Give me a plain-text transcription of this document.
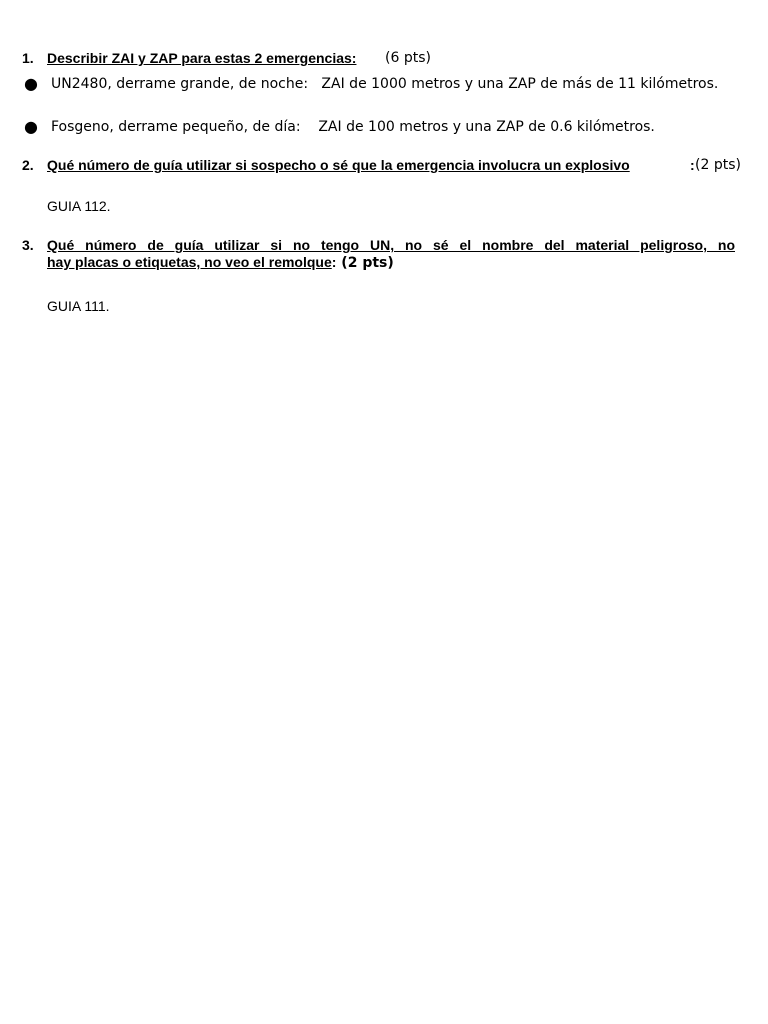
1. Describir ZAI y ZAP para estas 2 emergencias: (6 pts)
● UN2480, derrame grande, de noche:   ZAI de 1000 metros y una ZAP de más de 11 kilómetros.
● Fosgeno, derrame pequeño, de día:    ZAI de 100 metros y una ZAP de 0.6 kilómetros.
2. Qué número de guía utilizar si sospecho o sé que la emergencia involucra un explosivo	: (2 pts)
GUIA 112.
3. Qué número de guía utilizar si no tengo UN, no sé el nombre del material peligroso, no
hay placas o etiquetas, no veo el remolque: (2 pts)
GUIA 111.
